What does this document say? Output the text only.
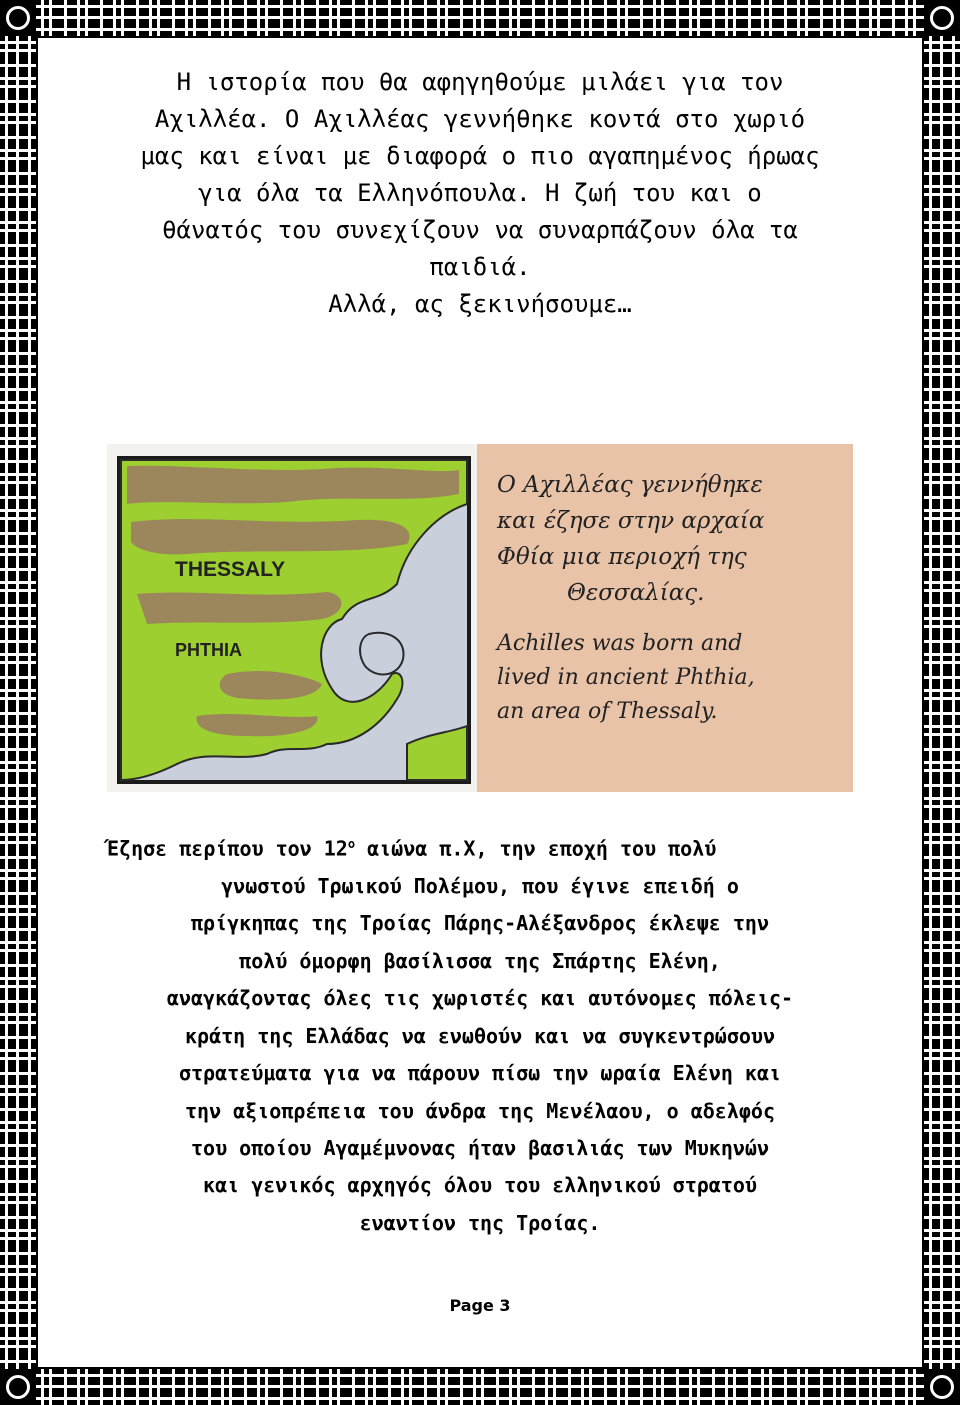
Η ιστορία που θα αφηγηθούμε μιλάει για τον
Αχιλλέα. Ο Αχιλλέας γεννήθηκε κοντά στο χωριό
μας και είναι με διαφορά ο πιο αγαπημένος ήρωας
για όλα τα Ελληνόπουλα. Η ζωή του και ο
θάνατός του συνεχίζουν να συναρπάζουν όλα τα
παιδιά.
Αλλά, ας ξεκινήσουμε…
THESSALY
PHTHIA
Ο Αχιλλέας γεννήθηκε
και έζησε στην αρχαία
Φθία μια περιοχή της
Θεσσαλίας.
Achilles was born and
lived in ancient Phthia,
an area of Thessaly.
Έζησε περίπου τον $12^o$ αιώνα π.Χ, την εποχή του πολύ
γνωστού Τρωικού Πολέμου, που έγινε επειδή ο
πρίγκηπας της Τροίας Πάρης-Αλέξανδρος έκλεψε την
πολύ όμορφη βασίλισσα της Σπάρτης Ελένη,
αναγκάζοντας όλες τις χωριστές και αυτόνομες πόλεις-
κράτη της Ελλάδας να ενωθούν και να συγκεντρώσουν
στρατεύματα για να πάρουν πίσω την ωραία Ελένη και
την αξιοπρέπεια του άνδρα της Μενέλαου, ο αδελφός
του οποίου Αγαμέμνονας ήταν βασιλιάς των Μυκηνών
και γενικός αρχηγός όλου του ελληνικού στρατού
εναντίον της Τροίας.
Page 3
